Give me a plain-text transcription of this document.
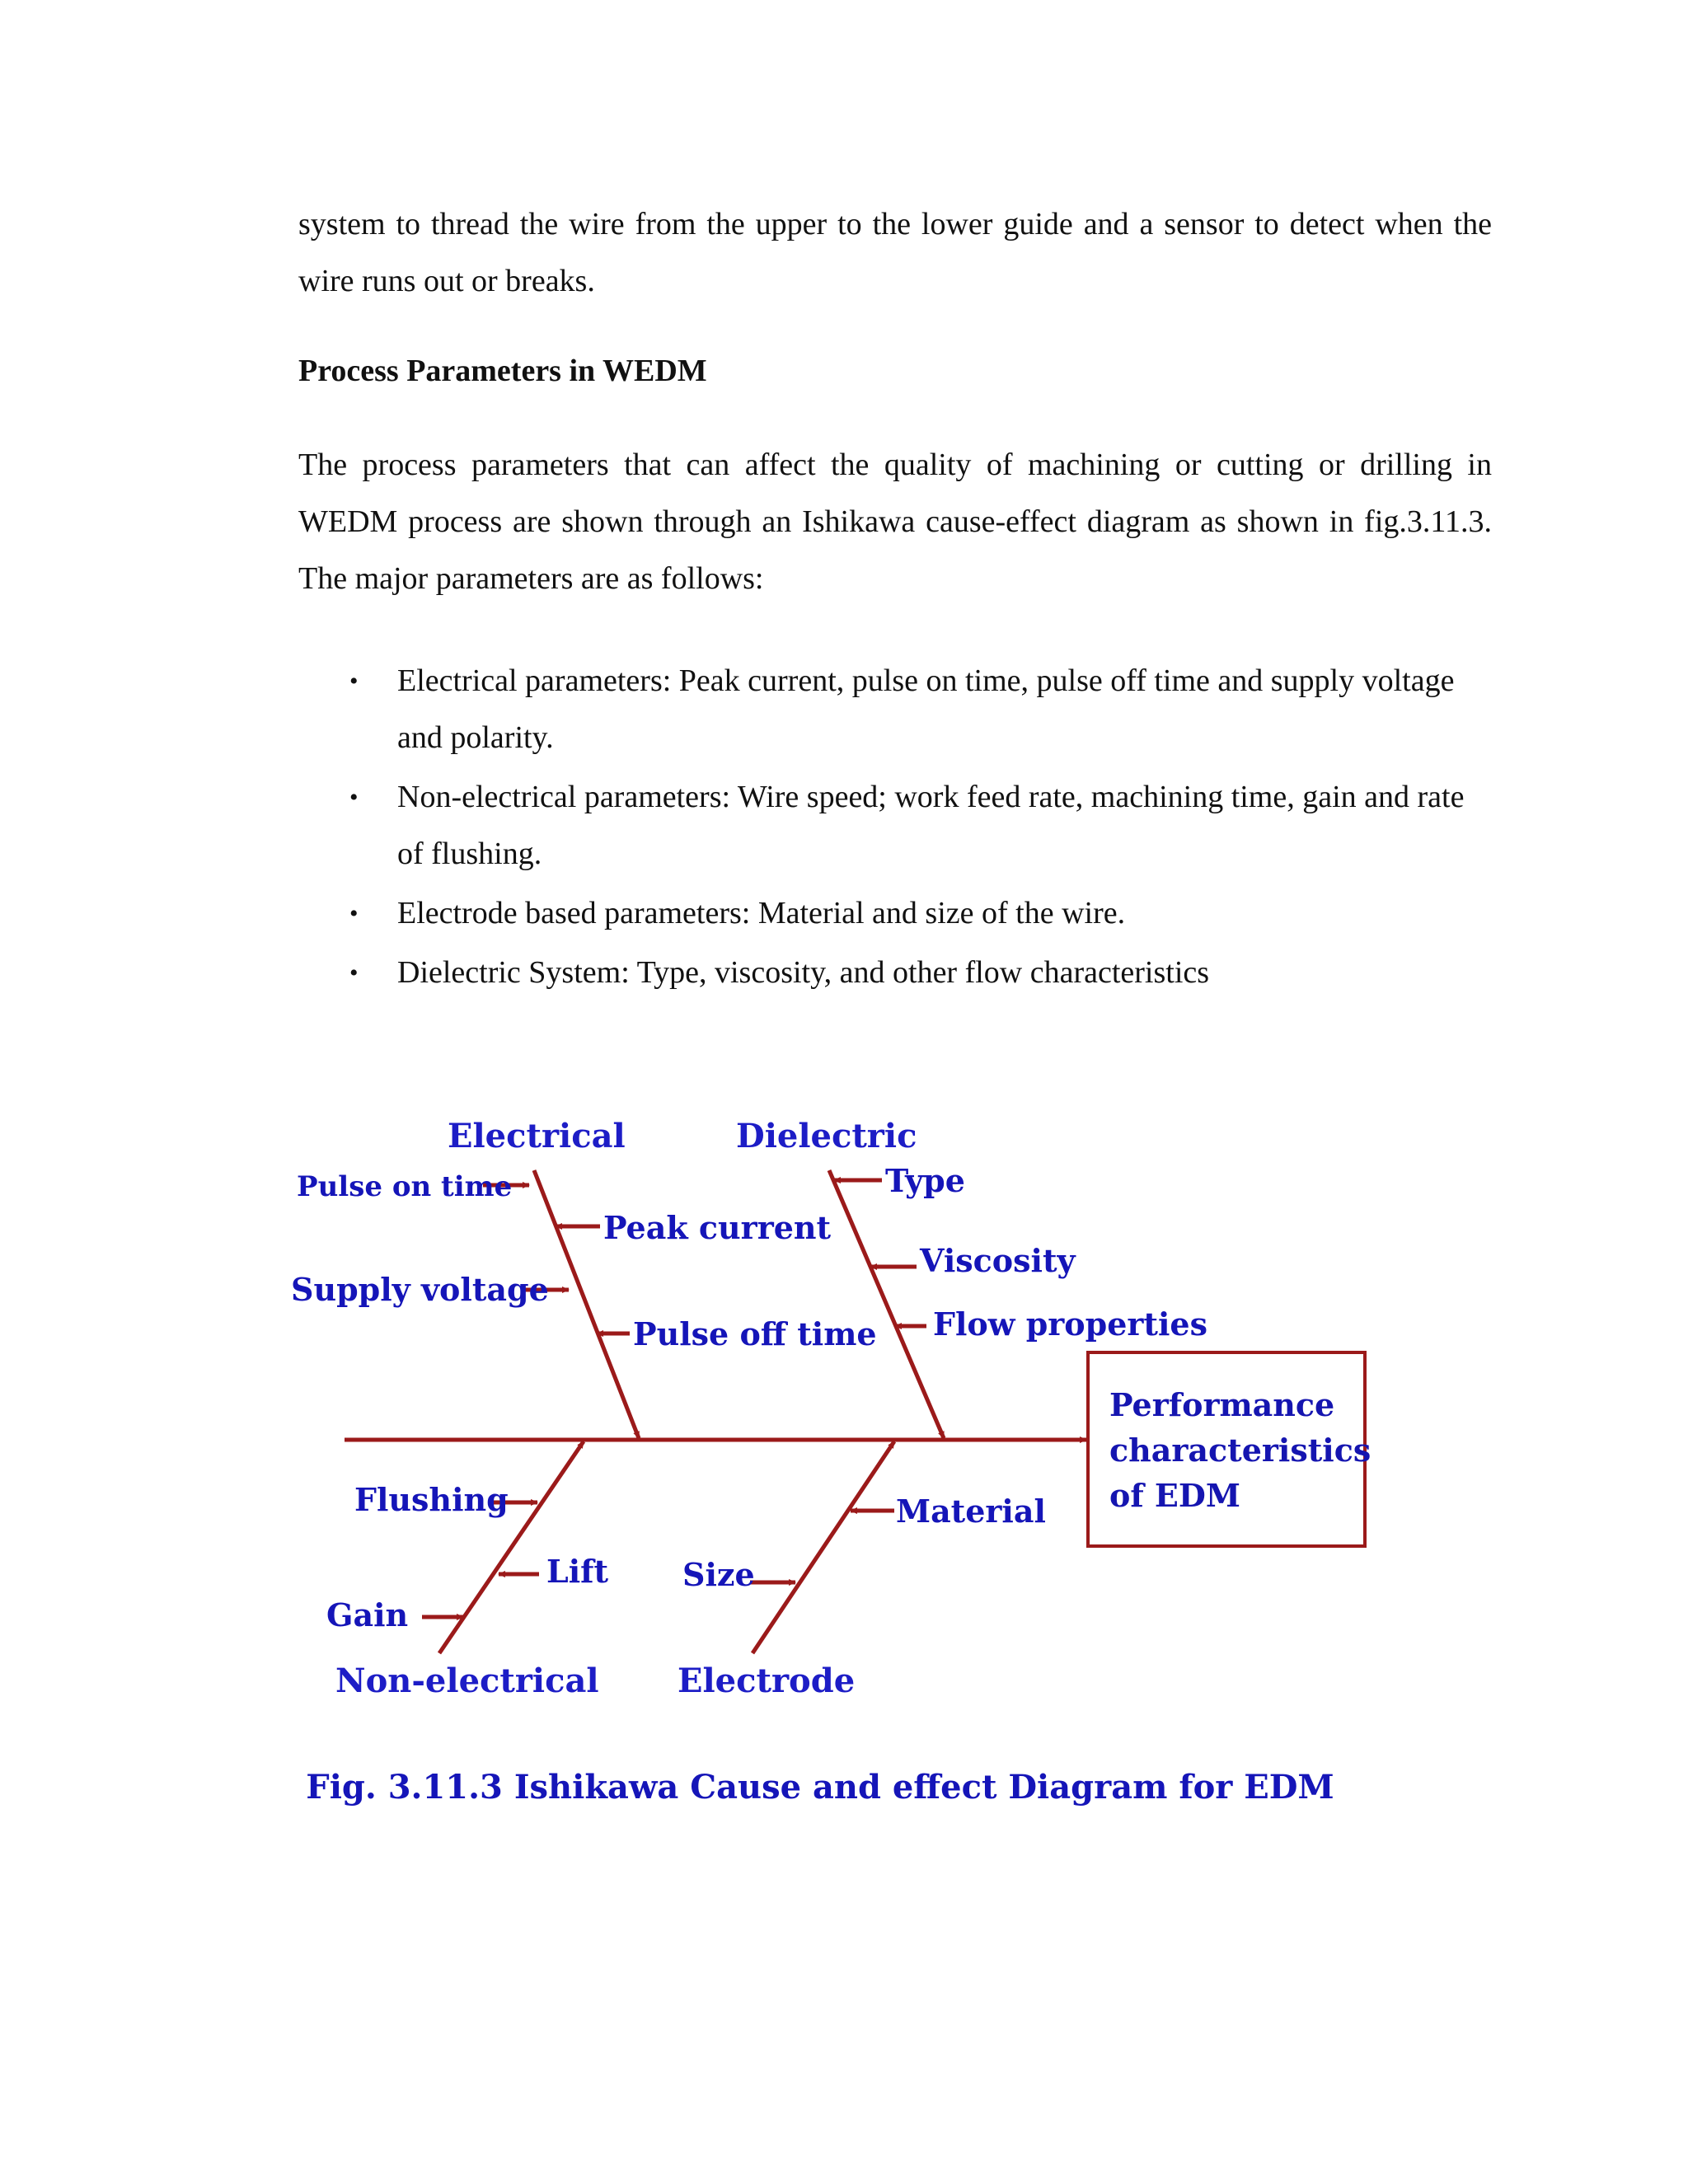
system to thread the wire from the upper to the lower guide and a sensor to detect when the wire runs out or breaks.

Process Parameters in WEDM

The process parameters that can affect the quality of machining or cutting or drilling in WEDM process are shown through an Ishikawa cause-effect diagram as shown in fig.3.11.3. The major parameters are as follows:

• Electrical parameters: Peak current, pulse on time, pulse off time and supply voltage and polarity.
• Non-electrical parameters: Wire speed; work feed rate, machining time, gain and rate of flushing.
• Electrode based parameters: Material and size of the wire.
• Dielectric System: Type, viscosity, and other flow characteristics
Electrical	Dielectric
Non-electrical Electrode
Pulse on time
Peak current
Supply voltage
Pulse off time
Type
Viscosity
Flow properties
Flushing
Lift
Gain
Size
Material
Performance
characteristics
of EDM
Fig. 3.11.3 Ishikawa Cause and effect Diagram for EDM
